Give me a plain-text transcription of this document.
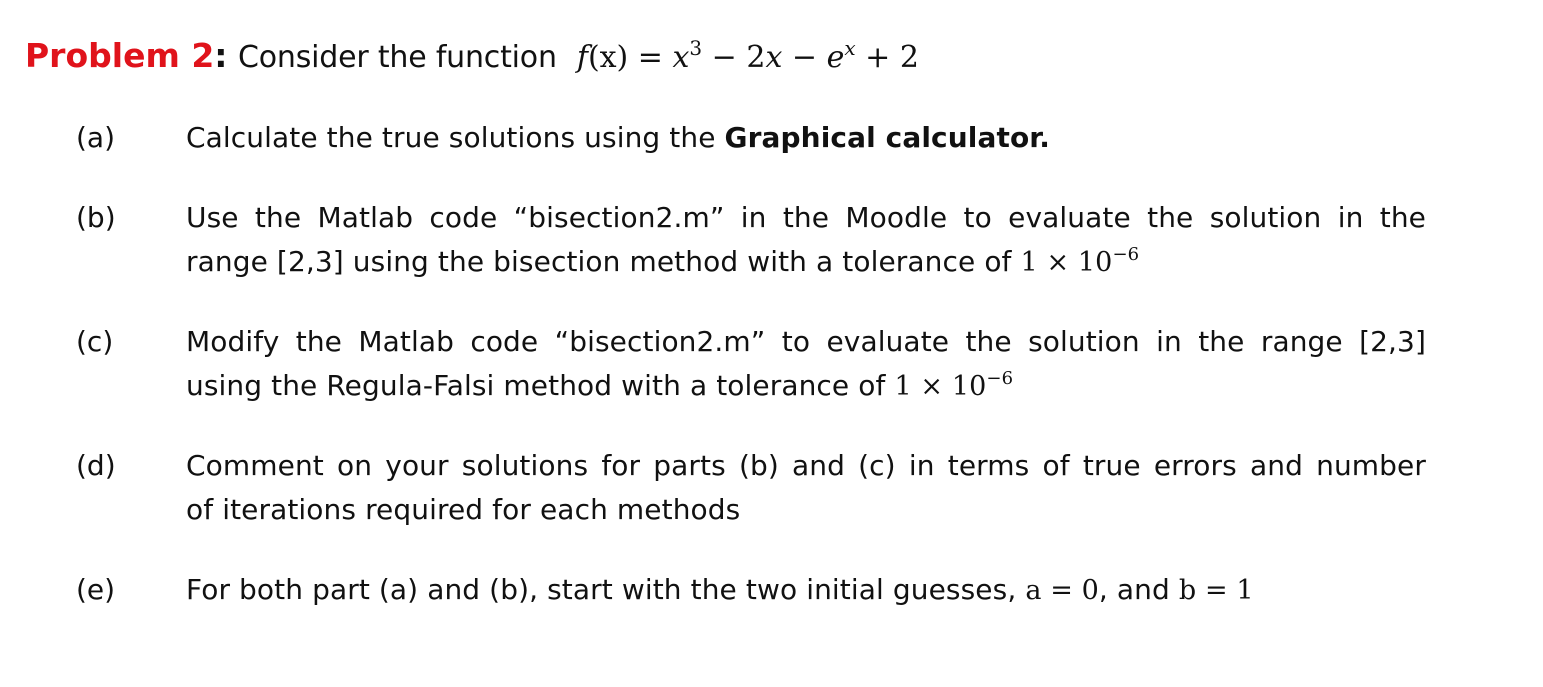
Problem 2: Consider the function $f(x) = x^3 - 2x - e^x + 2$
(a)	Calculate the true solutions using the Graphical calculator.
(b)	Use the Matlab code “bisection2.m” in the Moodle to evaluate the solution in the
range [2,3] using the bisection method with a tolerance of $1 \times 10^{-6}$
(c)	Modify the Matlab code “bisection2.m” to evaluate the solution in the range [2,3]
using the Regula-Falsi method with a tolerance of $1 \times 10^{-6}$
(d)	Comment on your solutions for parts (b) and (c) in terms of true errors and number
of iterations required for each methods
(e)	For both part (a) and (b), start with the two initial guesses, a = 0, and b = 1
